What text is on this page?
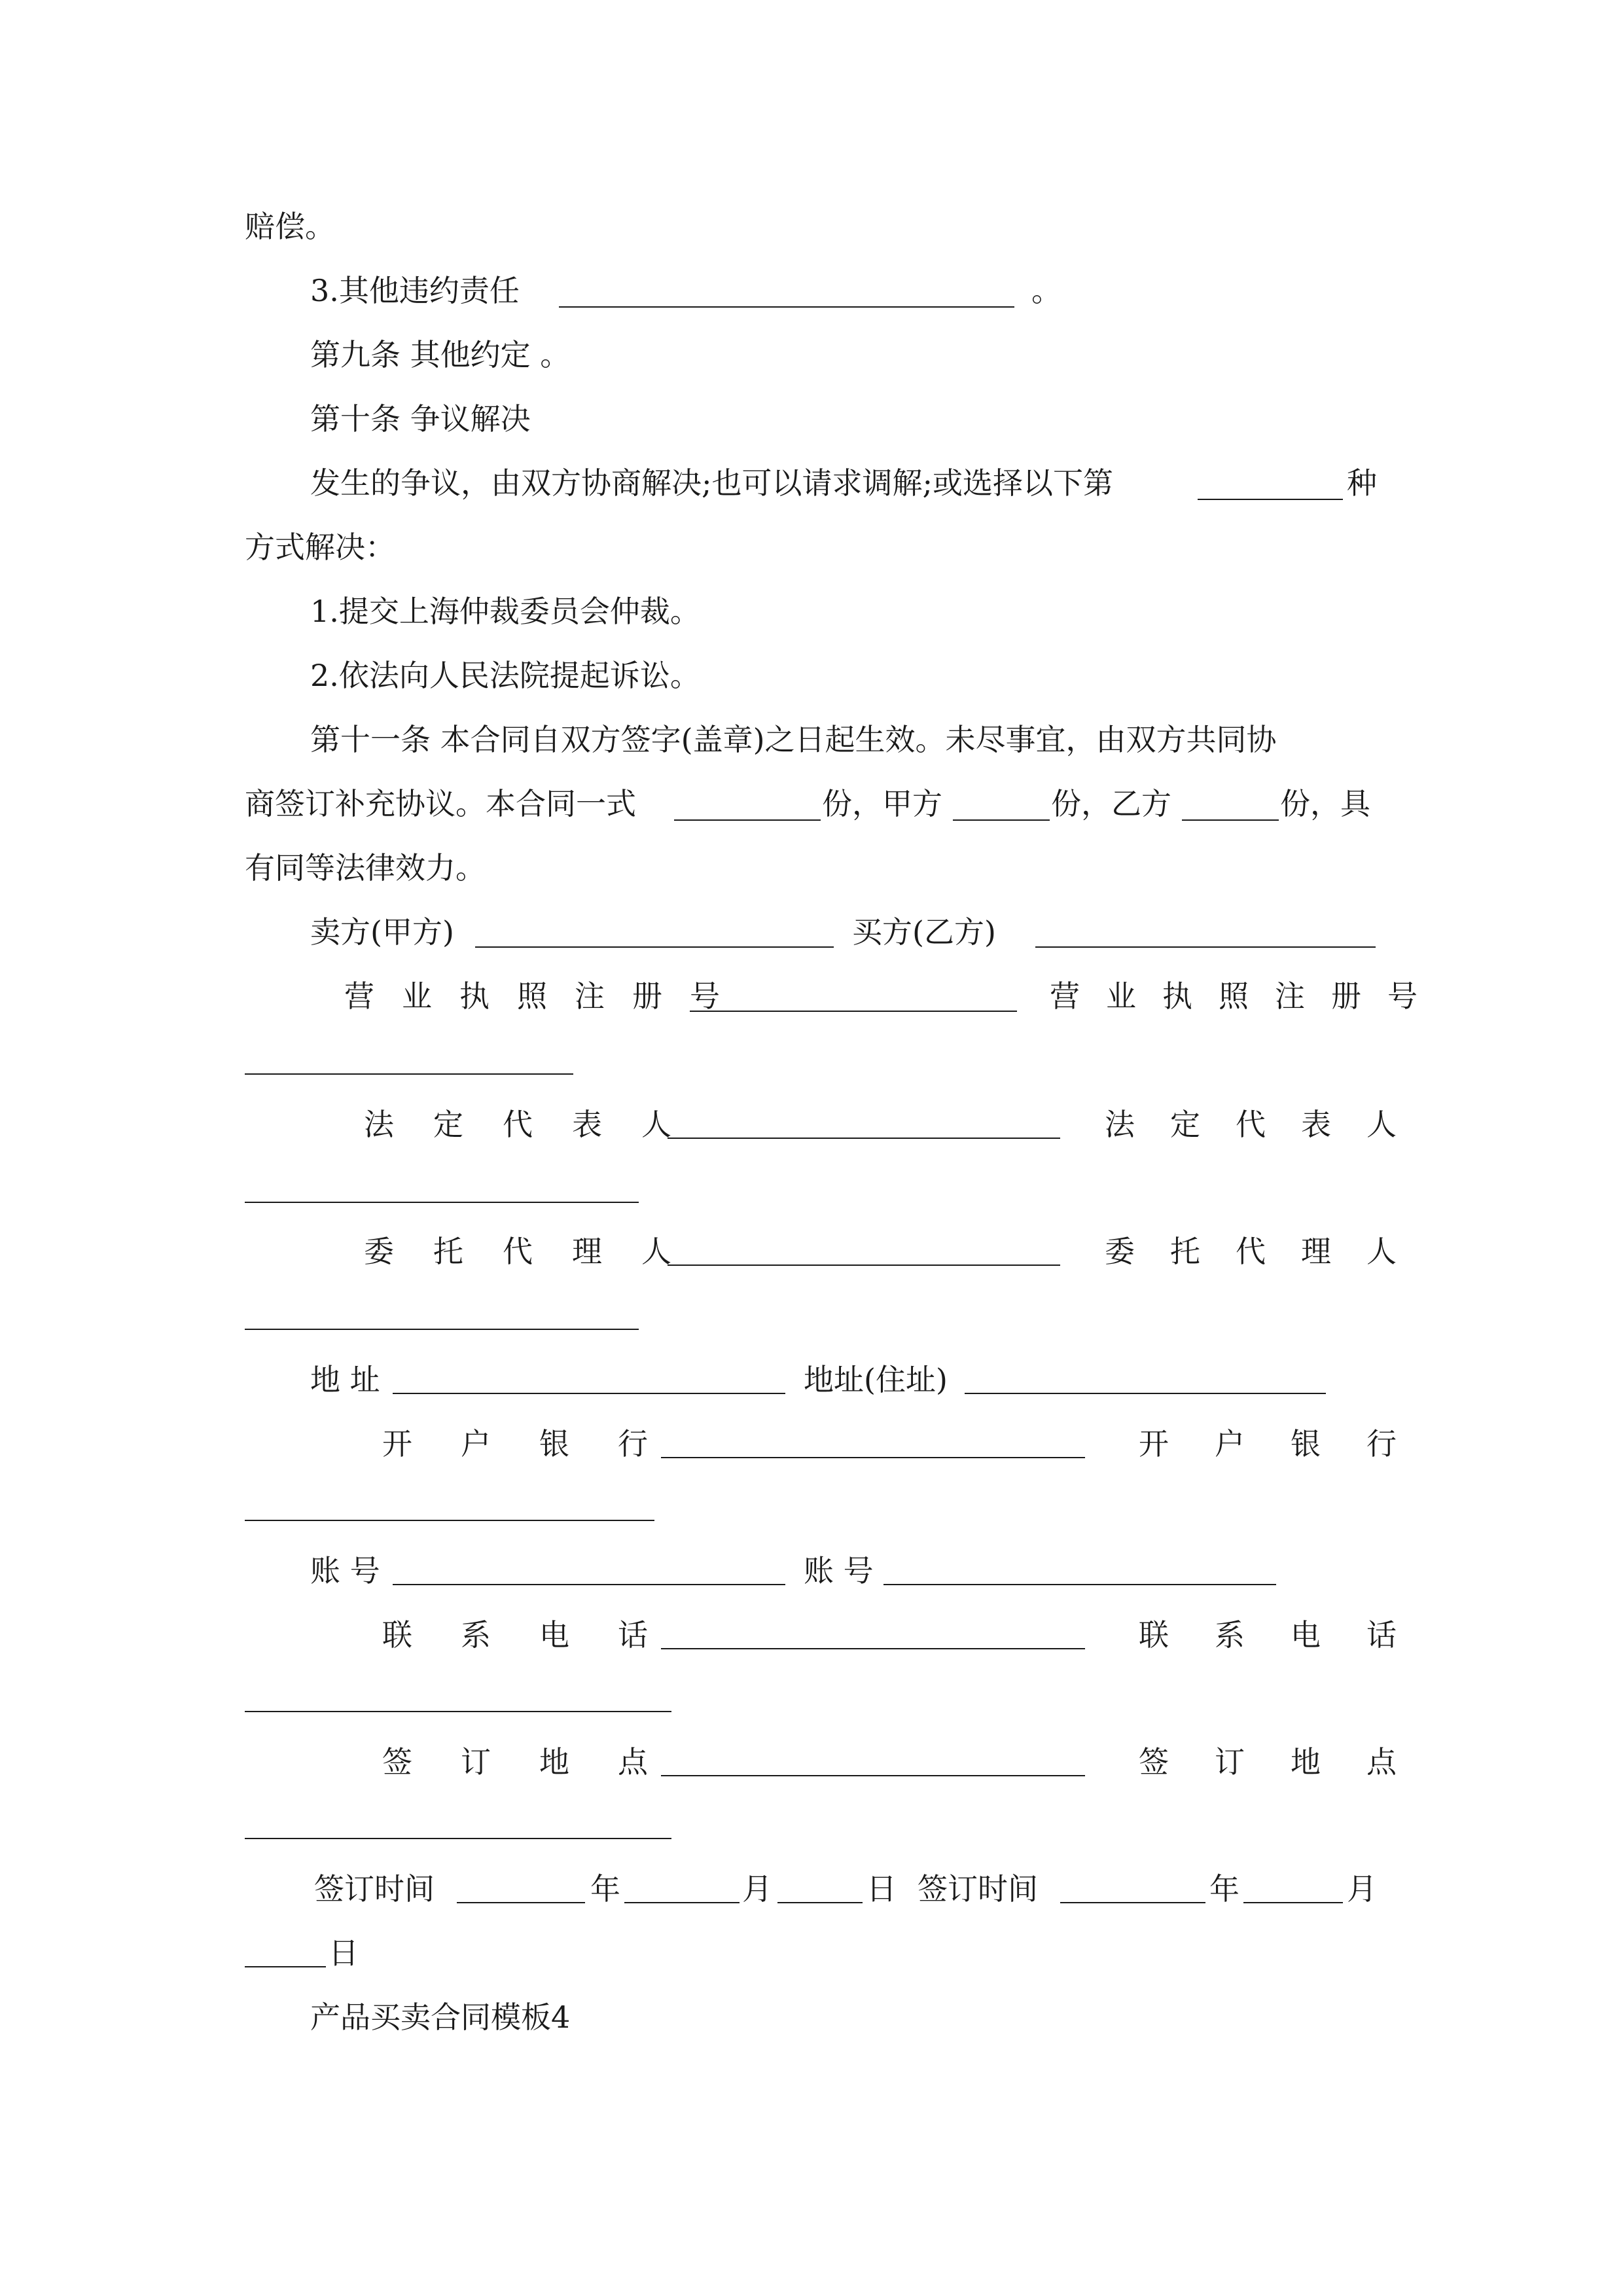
赔偿。
3.其他违约责任	。
第九条 其他约定 。
第十条 争议解决
发生的争议，由双方协商解决;也可以请求调解;或选择以下第	种
方式解决：
1.提交上海仲裁委员会仲裁。
2.依法向人民法院提起诉讼。
第十一条 本合同自双方签字(盖章)之日起生效。未尽事宜，由双方共同协
商签订补充协议。本合同一式	份，甲方	份，乙方	份，具
有同等法律效力。
卖方(甲方)	买方(乙方)
营业执照注册号	营业执照注册号
法定代表人	法定代表人
委托代理人	委托代理人
地 址	地址(住址)
开户银行	开户银行
账 号	账 号
联系电话	联系电话
签订地点	签订地点
签订时间	年	月	日 签订时间	年	月
日
产品买卖合同模板4
